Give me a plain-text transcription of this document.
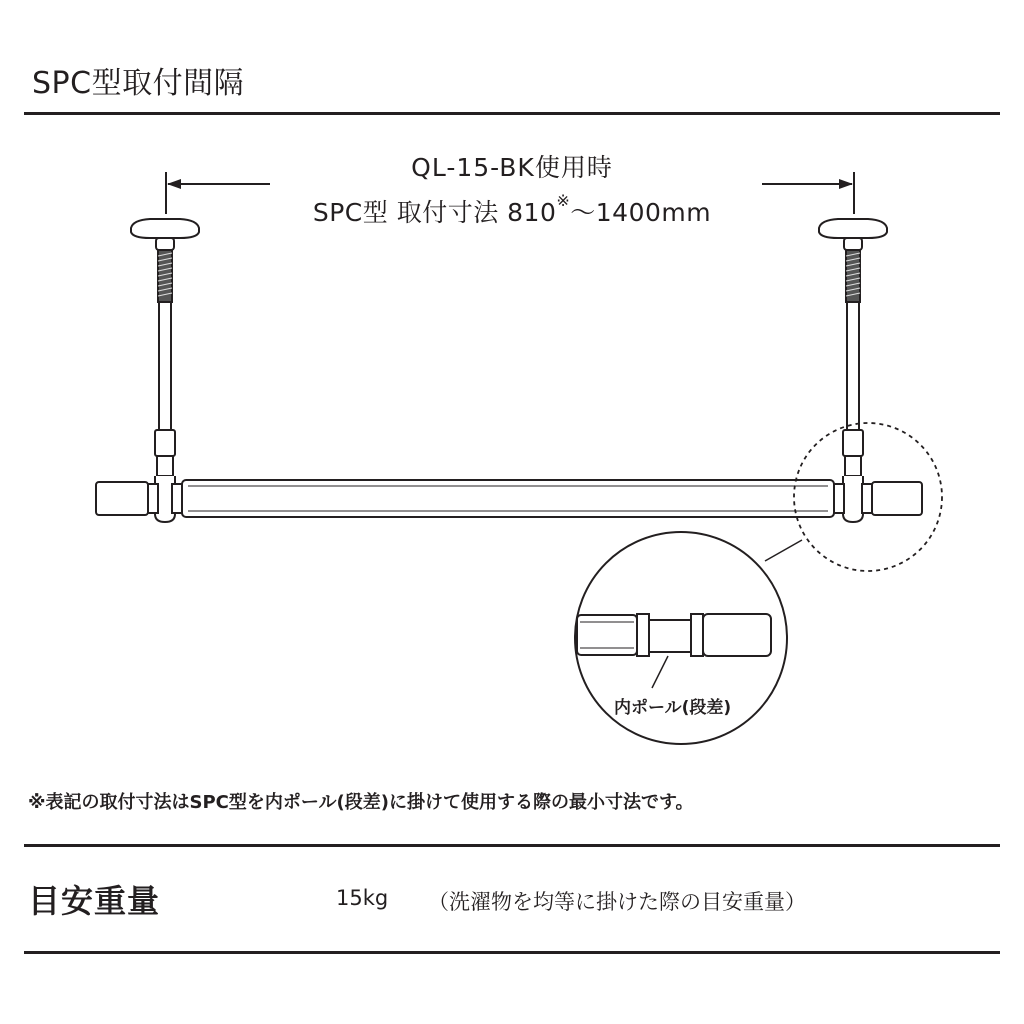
SPC型取付間隔
QL-15-BK使用時
SPC型 取付寸法 810※～1400mm
内ポール(段差)
※表記の取付寸法はSPC型を内ポール(段差)に掛けて使用する際の最小寸法です。
目安重量	15kg （洗濯物を均等に掛けた際の目安重量）
